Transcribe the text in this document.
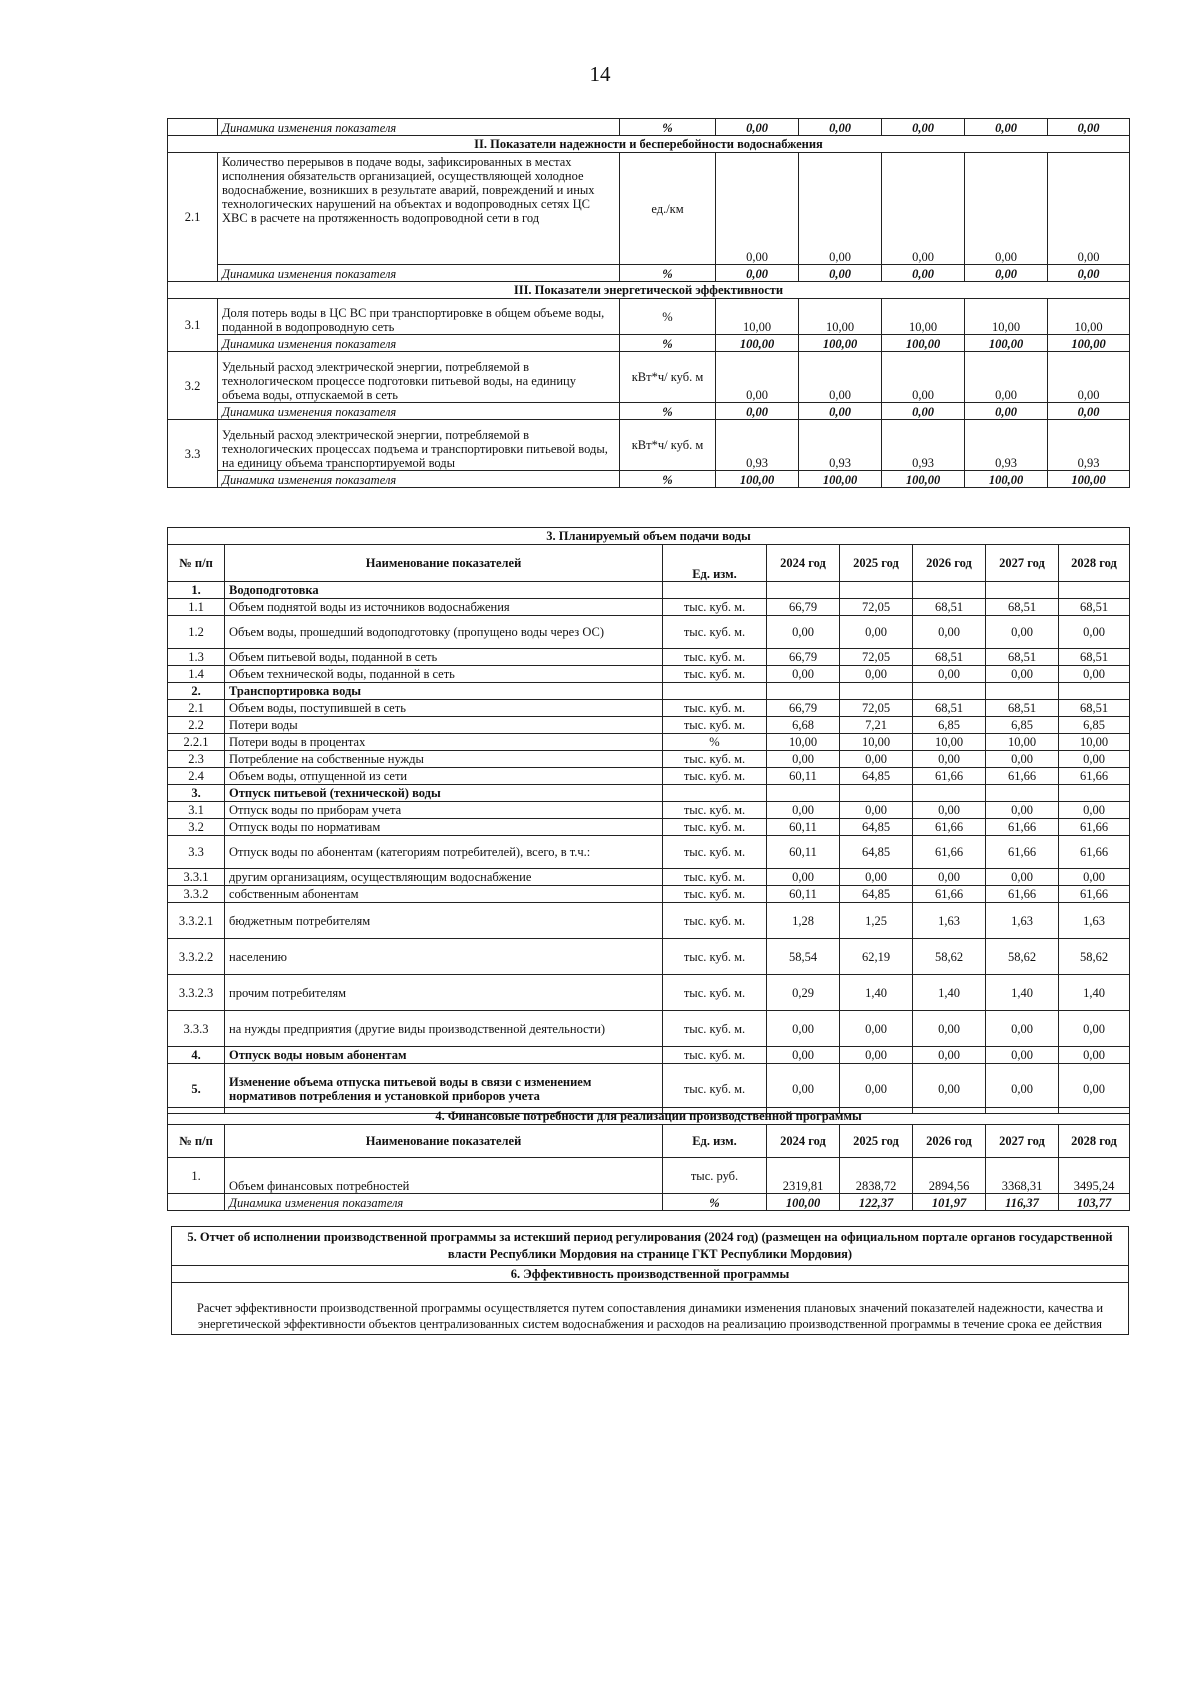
14
	Динамика изменения показателя	%	0,00	0,00	0,00	0,00	0,00
II. Показатели надежности и бесперебойности водоснабжения							
2.1	Количество перерывов в подаче воды, зафиксированных в местах исполнения обязательств организацией, осуществляющей холодное водоснабжение, возникших в результате аварий, повреждений и иных технологических нарушений на объектах и водопроводных сетях ЦС ХВС в расчете на протяженность водопроводной сети в год	ед./км	0,00	0,00	0,00	0,00	0,00
	Динамика изменения показателя	%	0,00	0,00	0,00	0,00	0,00
III. Показатели энергетической эффективности							
3.1	Доля потерь воды в ЦС ВС при транспортировке в общем объеме воды, поданной в водопроводную сеть	%	10,00	10,00	10,00	10,00	10,00
	Динамика изменения показателя	%	100,00	100,00	100,00	100,00	100,00
3.2	Удельный расход электрической энергии, потребляемой в технологическом процессе подготовки питьевой воды, на единицу объема воды, отпускаемой в сеть	кВт*ч/ куб. м	0,00	0,00	0,00	0,00	0,00
	Динамика изменения показателя	%	0,00	0,00	0,00	0,00	0,00
3.3	Удельный расход электрической энергии, потребляемой в технологических процессах подъема и транспортировки питьевой воды, на единицу объема транспортируемой воды	кВт*ч/ куб. м	0,93	0,93	0,93	0,93	0,93
	Динамика изменения показателя	%	100,00	100,00	100,00	100,00	100,00
3. Планируемый объем подачи воды							
№ п/п	Наименование показателей	Ед. изм.	2024 год	2025 год	2026 год	2027 год	2028 год
1.	Водоподготовка						
1.1	Объем поднятой воды из источников водоснабжения	тыс. куб. м.	66,79	72,05	68,51	68,51	68,51
1.2	Объем воды, прошедший водоподготовку (пропущено воды через ОС)	тыс. куб. м.	0,00	0,00	0,00	0,00	0,00
1.3	Объем питьевой воды, поданной в сеть	тыс. куб. м.	66,79	72,05	68,51	68,51	68,51
1.4	Объем технической воды, поданной в сеть	тыс. куб. м.	0,00	0,00	0,00	0,00	0,00
2.	Транспортировка воды						
2.1	Объем воды, поступившей в сеть	тыс. куб. м.	66,79	72,05	68,51	68,51	68,51
2.2	Потери воды	тыс. куб. м.	6,68	7,21	6,85	6,85	6,85
2.2.1	Потери воды в процентах	%	10,00	10,00	10,00	10,00	10,00
2.3	Потребление на собственные нужды	тыс. куб. м.	0,00	0,00	0,00	0,00	0,00
2.4	Объем воды, отпущенной из сети	тыс. куб. м.	60,11	64,85	61,66	61,66	61,66
3.	Отпуск питьевой (технической) воды						
3.1	Отпуск воды по приборам учета	тыс. куб. м.	0,00	0,00	0,00	0,00	0,00
3.2	Отпуск воды по нормативам	тыс. куб. м.	60,11	64,85	61,66	61,66	61,66
3.3	Отпуск воды по абонентам (категориям потребителей), всего, в т.ч.:	тыс. куб. м.	60,11	64,85	61,66	61,66	61,66
3.3.1	другим организациям, осуществляющим водоснабжение	тыс. куб. м.	0,00	0,00	0,00	0,00	0,00
3.3.2	собственным абонентам	тыс. куб. м.	60,11	64,85	61,66	61,66	61,66
3.3.2.1	бюджетным потребителям	тыс. куб. м.	1,28	1,25	1,63	1,63	1,63
3.3.2.2	населению	тыс. куб. м.	58,54	62,19	58,62	58,62	58,62
3.3.2.3	прочим потребителям	тыс. куб. м.	0,29	1,40	1,40	1,40	1,40
3.3.3	на нужды предприятия (другие виды производственной деятельности)	тыс. куб. м.	0,00	0,00	0,00	0,00	0,00
4.	Отпуск воды новым абонентам	тыс. куб. м.	0,00	0,00	0,00	0,00	0,00
5.	Изменение объема отпуска питьевой воды в связи с изменением нормативов потребления и установкой приборов учета	тыс. куб. м.	0,00	0,00	0,00	0,00	0,00
4. Финансовые потребности для реализации производственной программы							
№ п/п	Наименование показателей	Ед. изм.	2024 год	2025 год	2026 год	2027 год	2028 год
1.	Объем финансовых потребностей	тыс. руб.	2319,81	2838,72	2894,56	3368,31	3495,24
	Динамика изменения показателя	%	100,00	122,37	101,97	116,37	103,77
5. Отчет об исполнении производственной программы за истекший период регулирования (2024 год) (размещен на официальном портале органов государственной власти Республики Мордовия на странице ГКТ Республики Мордовия)
6. Эффективность производственной программы
Расчет эффективности производственной программы осуществляется путем сопоставления динамики изменения плановых значений показателей надежности, качества и энергетической эффективности объектов централизованных систем водоснабжения и расходов на реализацию производственной программы в течение срока ее действия
